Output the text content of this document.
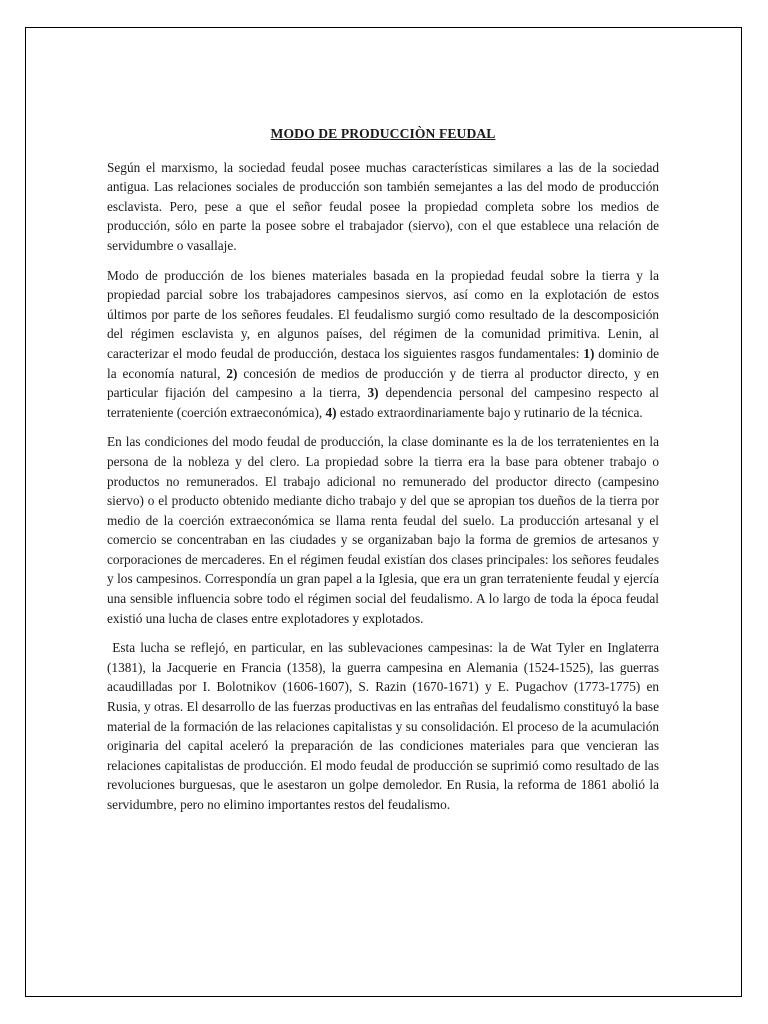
MODO DE PRODUCCIÒN FEUDAL

Según el marxismo, la sociedad feudal posee muchas características similares a las de la sociedad antigua. Las relaciones sociales de producción son también semejantes a las del modo de producción esclavista. Pero, pese a que el señor feudal posee la propiedad completa sobre los medios de producción, sólo en parte la posee sobre el trabajador (siervo), con el que establece una relación de servidumbre o vasallaje.

Modo de producción de los bienes materiales basada en la propiedad feudal sobre la tierra y la propiedad parcial sobre los trabajadores campesinos siervos, así como en la explotación de estos últimos por parte de los señores feudales. El feudalismo surgió como resultado de la descomposición del régimen esclavista y, en algunos países, del régimen de la comunidad primitiva. Lenin, al caracterizar el modo feudal de producción, destaca los siguientes rasgos fundamentales: 1) dominio de la economía natural, 2) concesión de medios de producción y de tierra al productor directo, y en particular fijación del campesino a la tierra, 3) dependencia personal del campesino respecto al terrateniente (coerción extraeconómica), 4) estado extraordinariamente bajo y rutinario de la técnica.

En las condiciones del modo feudal de producción, la clase dominante es la de los terratenientes en la persona de la nobleza y del clero. La propiedad sobre la tierra era la base para obtener trabajo o productos no remunerados. El trabajo adicional no remunerado del productor directo (campesino siervo) o el producto obtenido mediante dicho trabajo y del que se apropian tos dueños de la tierra por medio de la coerción extraeconómica se llama renta feudal del suelo. La producción artesanal y el comercio se concentraban en las ciudades y se organizaban bajo la forma de gremios de artesanos y corporaciones de mercaderes. En el régimen feudal existían dos clases principales: los señores feudales y los campesinos. Correspondía un gran papel a la Iglesia, que era un gran terrateniente feudal y ejercía una sensible influencia sobre todo el régimen social del feudalismo. A lo largo de toda la época feudal existió una lucha de clases entre explotadores y explotados.

Esta lucha se reflejó, en particular, en las sublevaciones campesinas: la de Wat Tyler en Inglaterra (1381), la Jacquerie en Francia (1358), la guerra campesina en Alemania (1524-1525), las guerras acaudilladas por I. Bolotnikov (1606-1607), S. Razin (1670-1671) y E. Pugachov (1773-1775) en Rusia, y otras. El desarrollo de las fuerzas productivas en las entrañas del feudalismo constituyó la base material de la formación de las relaciones capitalistas y su consolidación. El proceso de la acumulación originaria del capital aceleró la preparación de las condiciones materiales para que vencieran las relaciones capitalistas de producción. El modo feudal de producción se suprimió como resultado de las revoluciones burguesas, que le asestaron un golpe demoledor. En Rusia, la reforma de 1861 abolió la servidumbre, pero no elimino importantes restos del feudalismo.
